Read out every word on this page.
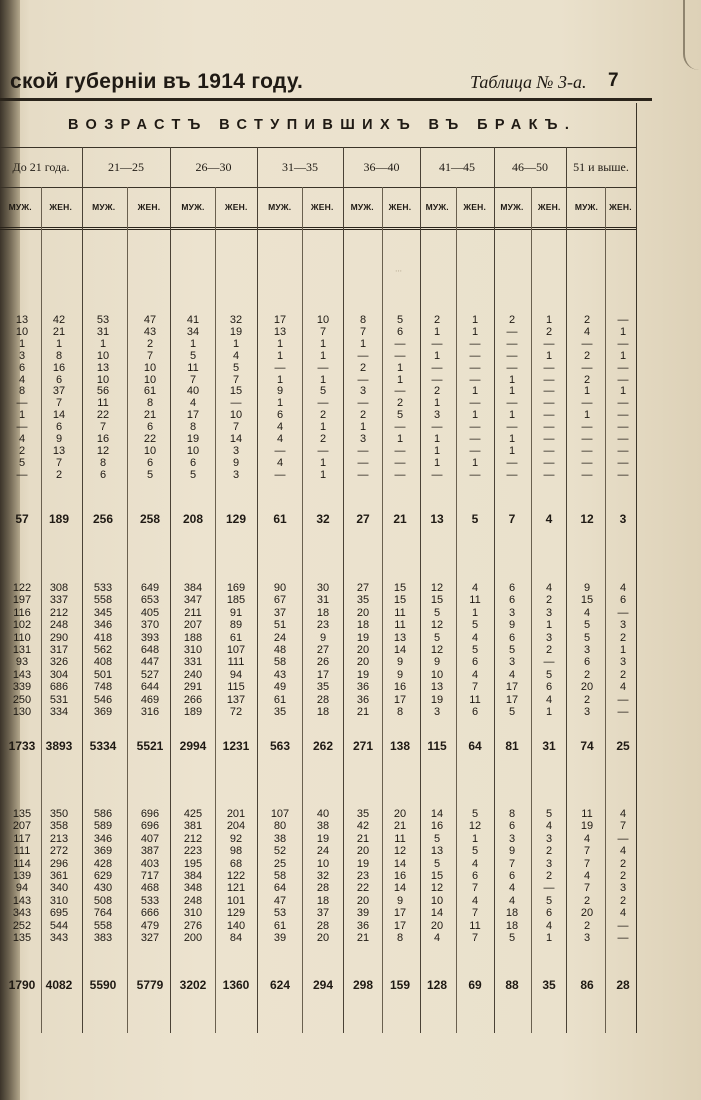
ской губерніи въ 1914 году.	Таблица № 3-а. 7
ВОЗРАСТЪ ВСТУПИВШИХЪ ВЪ БРАКЪ.
До 21 года.	21—25	26—30	31—35	36—40	41—45	46—50	51 и выше.
МУЖ.	ЖЕН.	МУЖ.	ЖЕН.	МУЖ.	ЖЕН.	МУЖ.	ЖЕН.	МУЖ.	ЖЕН.	МУЖ.	ЖЕН.	МУЖ.	ЖЕН.	МУЖ.	ЖЕН.
13	42	53	47	41	32	17	10	8	5	2	1	2	1	2	—
10	21	31	43	34	19	13	7	7	6	1	1	—	2	4	1
1	1	1	2	1	1	1	1	1	—	—	—	—	—	—	—
3	8	10	7	5	4	1	1	—	—	1	—	—	1	2	1
6	16	13	10	11	5	—	—	2	1	—	—	—	—	—	—
4	6	10	10	7	7	1	1	—	1	—	—	1	—	2	—
8	37	56	61	40	15	9	5	3	—	2	1	1	—	1	1
—	7	11	8	4	—	1	—	—	2	1	—	—	—	—	—
1	14	22	21	17	10	6	2	2	5	3	1	1	—	1	—
—	6	7	6	8	7	4	1	1	—	—	—	—	—	—	—
4	9	16	22	19	14	4	2	3	1	1	—	1	—	—	—
2	13	12	10	10	3	—	—	—	—	1	—	1	—	—	—
5	7	8	6	6	9	4	1	—	—	1	1	—	—	—	—
—	2	6	5	5	3	—	1	—	—	—	—	—	—	—	—
57	189	256	258	208	129	61	32	27	21	13	5	7	4	12	3
122	308	533	649	384	169	90	30	27	15	12	4	6	4	9	4
197	337	558	653	347	185	67	31	35	15	15	11	6	2	15	6
116	212	345	405	211	91	37	18	20	11	5	1	3	3	4	—
102	248	346	370	207	89	51	23	18	11	12	5	9	1	5	3
110	290	418	393	188	61	24	9	19	13	5	4	6	3	5	2
131	317	562	648	310	107	48	27	20	14	12	5	5	2	3	1
93	326	408	447	331	111	58	26	20	9	9	6	3	—	6	3
143	304	501	527	240	94	43	17	19	9	10	4	4	5	2	2
339	686	748	644	291	115	49	35	36	16	13	7	17	6	20	4
250	531	546	469	266	137	61	28	36	17	19	11	17	4	2	—
130	334	369	316	189	72	35	18	21	8	3	6	5	1	3	—
1733 3893	5334	5521	2994	1231	563	262	271	138	115	64	81	31	74	25
135	350	586	696	425	201	107	40	35	20	14	5	8	5	11	4
207	358	589	696	381	204	80	38	42	21	16	12	6	4	19	7
117	213	346	407	212	92	38	19	21	11	5	1	3	3	4	—
111	272	369	387	223	98	52	24	20	12	13	5	9	2	7	4
114	296	428	403	195	68	25	10	19	14	5	4	7	3	7	2
139	361	629	717	384	122	58	32	23	16	15	6	6	2	4	2
94	340	430	468	348	121	64	28	22	14	12	7	4	—	7	3
143	310	508	533	248	101	47	18	20	9	10	4	4	5	2	2
343	695	764	666	310	129	53	37	39	17	14	7	18	6	20	4
252	544	558	479	276	140	61	28	36	17	20	11	18	4	2	—
135	343	383	327	200	84	39	20	21	8	4	7	5	1	3	—
1790 4082	5590	5779	3202	1360	624	294	298	159	128	69	88	35	86	28
···
